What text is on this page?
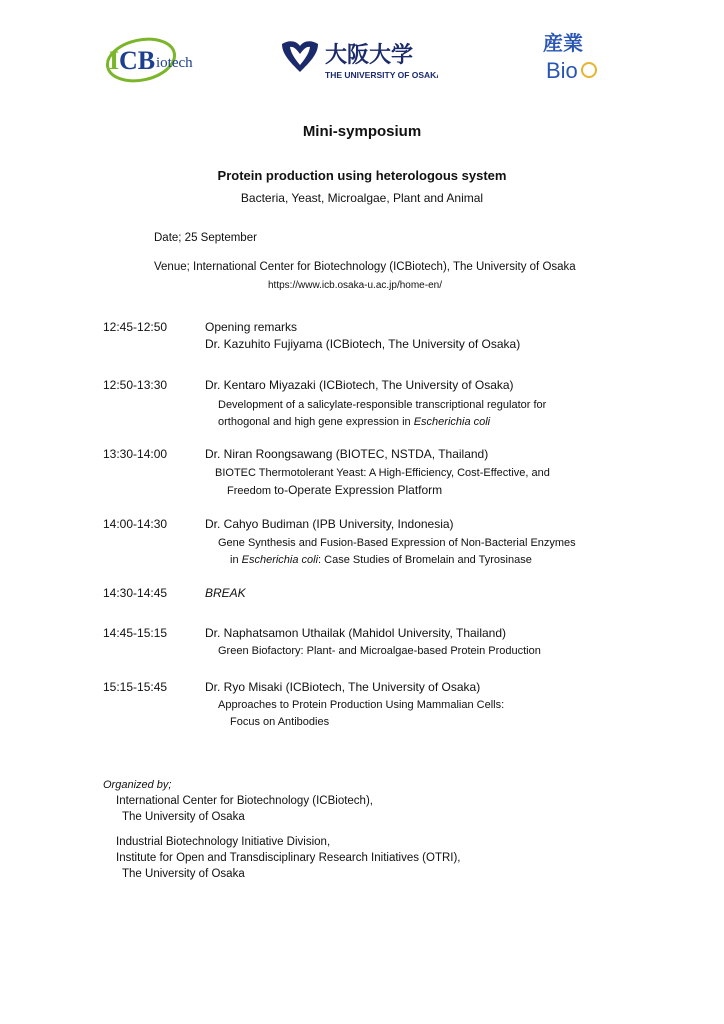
I CB iotech	大阪大学
THE UNIVERSITY OF OSAKA
産業
Bio
Mini-symposium
Protein production using heterologous system
Bacteria, Yeast, Microalgae, Plant and Animal
Date; 25 September
Venue; International Center for Biotechnology (ICBiotech), The University of Osaka
https://www.icb.osaka-u.ac.jp/home-en/
12:45-12:50	Opening remarks
Dr. Kazuhito Fujiyama (ICBiotech, The University of Osaka)
12:50-13:30	Dr. Kentaro Miyazaki (ICBiotech, The University of Osaka)
Development of a salicylate-responsible transcriptional regulator for
orthogonal and high gene expression in Escherichia coli
13:30-14:00	Dr. Niran Roongsawang (BIOTEC, NSTDA, Thailand)
BIOTEC Thermotolerant Yeast: A High-Efficiency, Cost-Effective, and
Freedom to-Operate Expression Platform
14:00-14:30	Dr. Cahyo Budiman (IPB University, Indonesia)
Gene Synthesis and Fusion-Based Expression of Non-Bacterial Enzymes
in Escherichia coli: Case Studies of Bromelain and Tyrosinase
14:30-14:45	BREAK
14:45-15:15	Dr. Naphatsamon Uthailak (Mahidol University, Thailand)
Green Biofactory: Plant- and Microalgae-based Protein Production
15:15-15:45	Dr. Ryo Misaki (ICBiotech, The University of Osaka)
Approaches to Protein Production Using Mammalian Cells:
Focus on Antibodies
Organized by;
International Center for Biotechnology (ICBiotech),
The University of Osaka
Industrial Biotechnology Initiative Division,
Institute for Open and Transdisciplinary Research Initiatives (OTRI),
The University of Osaka
